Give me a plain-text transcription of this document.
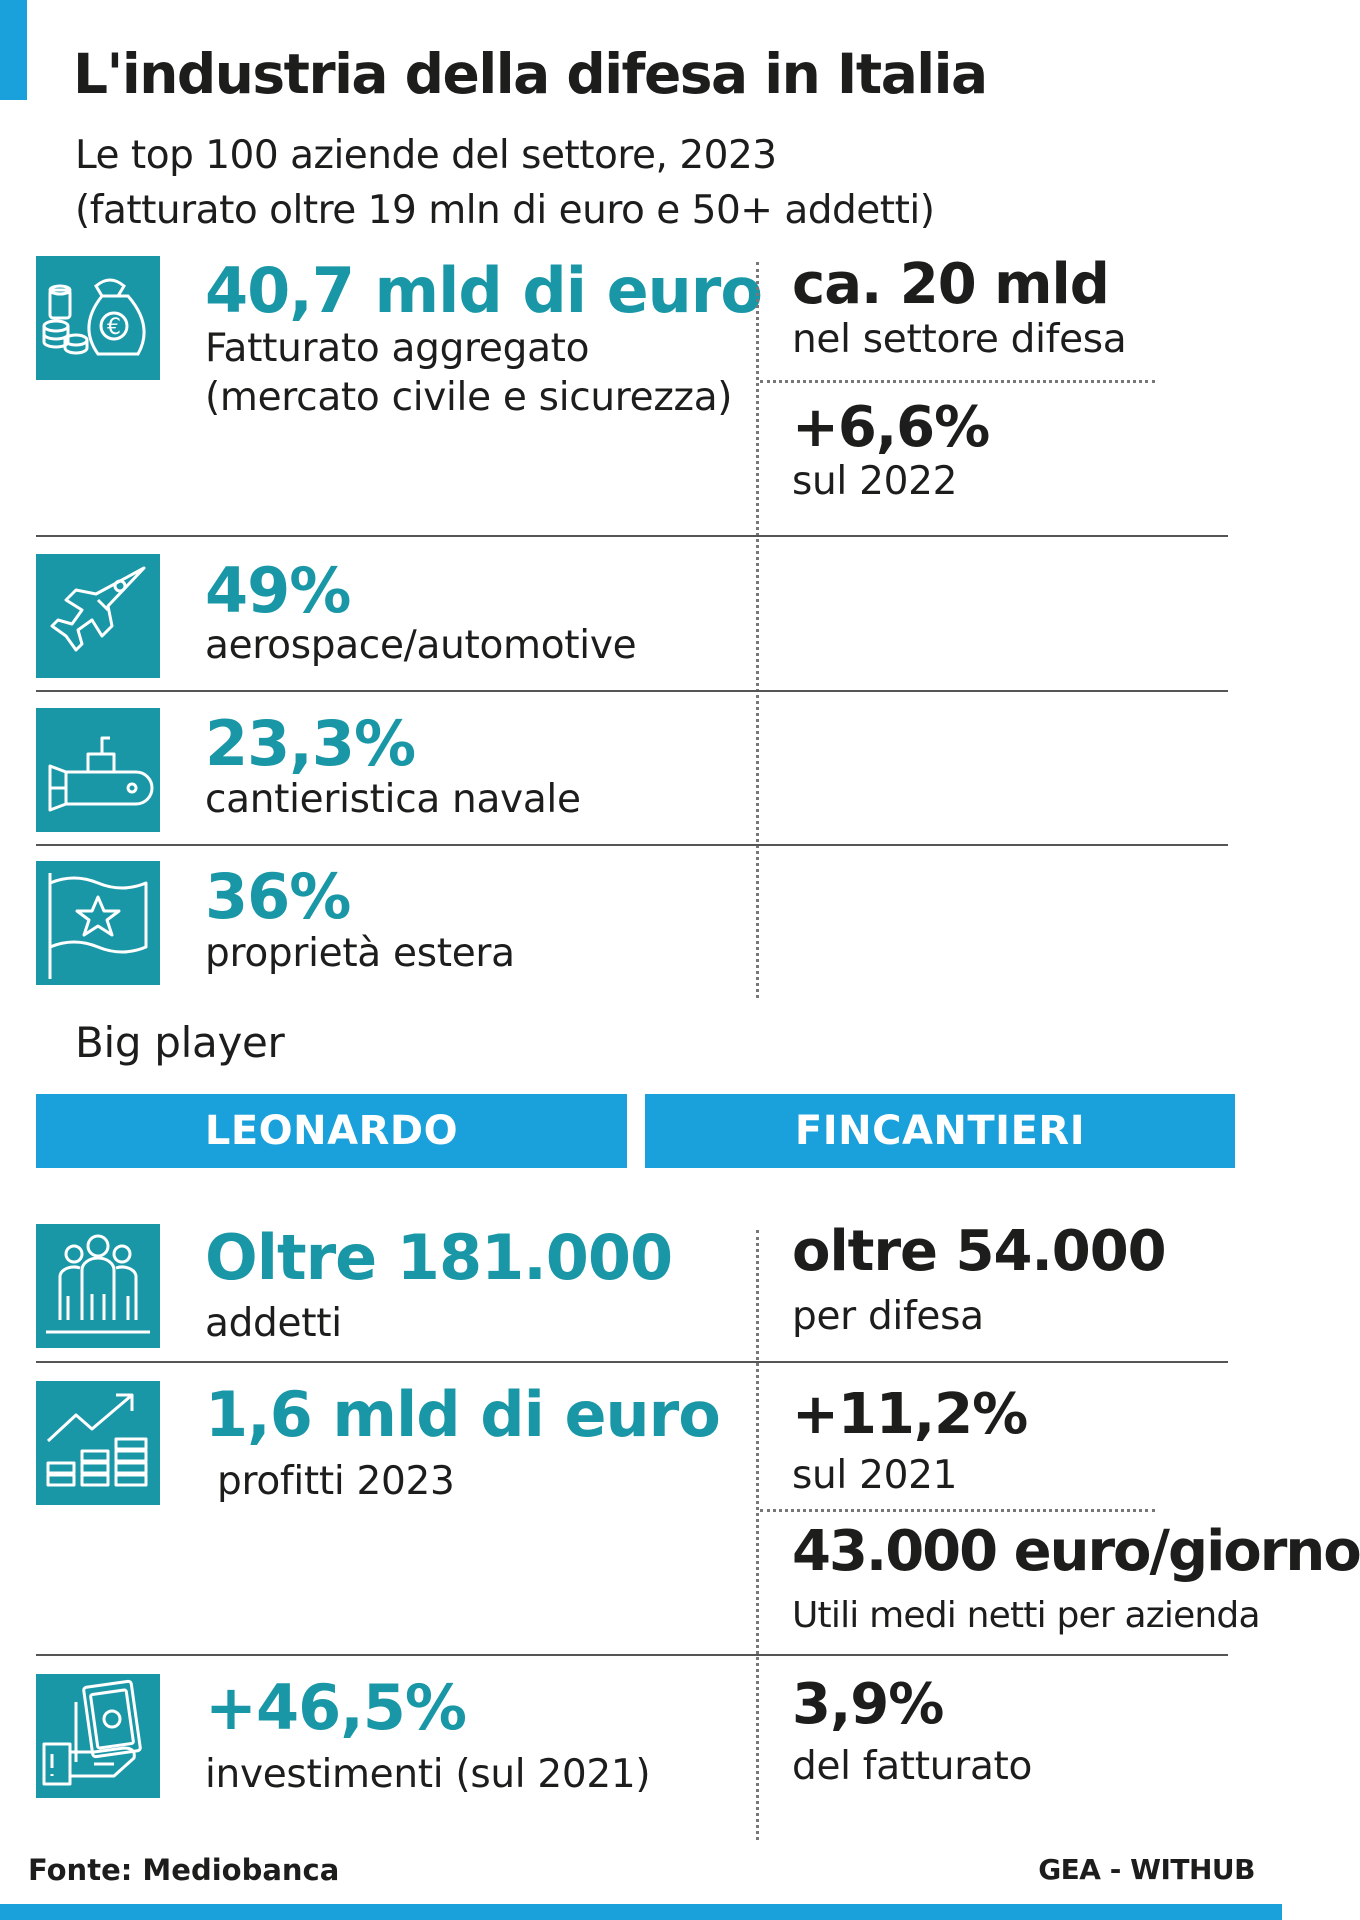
L'industria della difesa in Italia
Le top 100 aziende del settore, 2023
(fatturato oltre 19 mln di euro e 50+ addetti)
€
40,7 mld di euro
Fatturato aggregato
(mercato civile e sicurezza)
ca. 20 mld
nel settore difesa
+6,6%
sul 2022
49%
aerospace/automotive
23,3%
cantieristica navale
36%
proprietà estera
Big player
LEONARDO	FINCANTIERI
Oltre 181.000
addetti
oltre 54.000
per difesa
1,6 mld di euro
profitti 2023
+11,2%
sul 2021
43.000 euro/giorno
Utili medi netti per azienda
+46,5%
investimenti (sul 2021)
3,9%
del fatturato
Fonte: Mediobanca	GEA - WITHUB
